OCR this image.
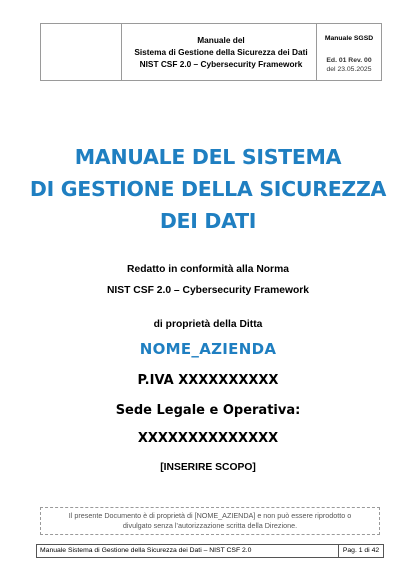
Manuale del
Sistema di Gestione della Sicurezza dei Dati
NIST CSF 2.0 – Cybersecurity Framework
Manuale SGSD
Ed. 01 Rev. 00
del 23.05.2025
MANUALE DEL SISTEMA
DI GESTIONE DELLA SICUREZZA
DEI DATI
Redatto in conformità alla Norma
NIST CSF 2.0 – Cybersecurity Framework
di proprietà della Ditta
NOME_AZIENDA
P.IVA XXXXXXXXXX
Sede Legale e Operativa:
XXXXXXXXXXXXXX
[INSERIRE SCOPO]
Il presente Documento è di proprietà di [NOME_AZIENDA] e non può essere riprodotto o
divulgato senza l’autorizzazione scritta della Direzione.
Manuale Sistema di Gestione della Sicurezza dei Dati – NIST CSF 2.0	Pag. 1 di 42
